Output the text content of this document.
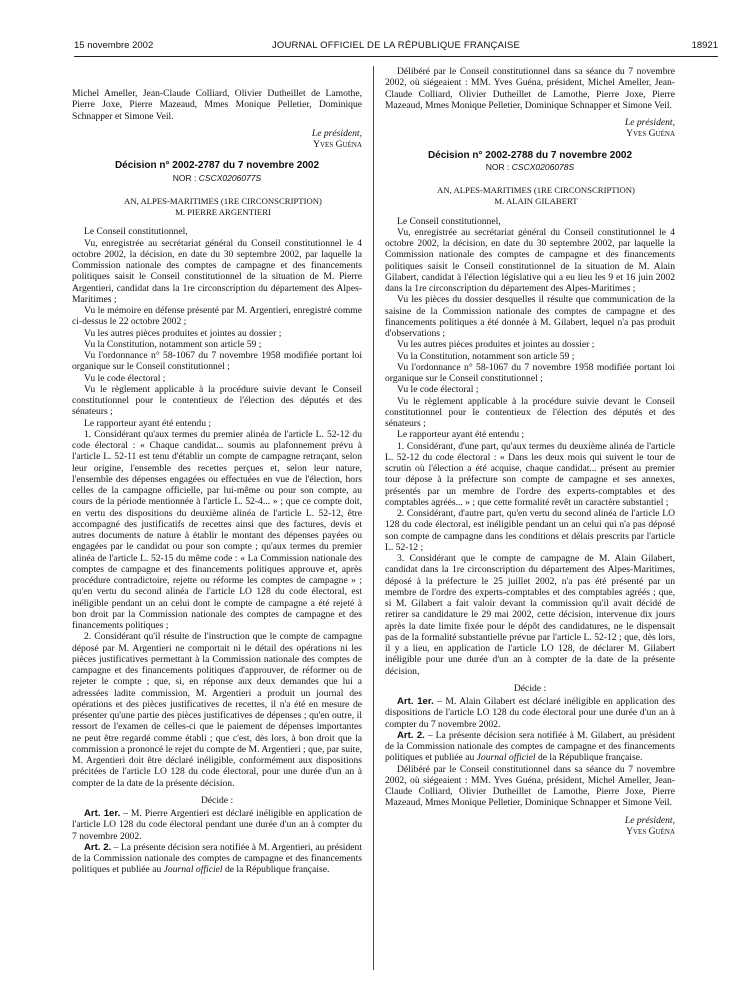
15 novembre 2002	JOURNAL OFFICIEL DE LA RÉPUBLIQUE FRANÇAISE	18921

Michel Ameller, Jean-Claude Colliard, Olivier Dutheillet de Lamothe, Pierre Joxe, Pierre Mazeaud, Mmes Monique Pelletier, Dominique Schnapper et Simone Veil.

Le président,
Yves Guéna
Décision n° 2002-2787 du 7 novembre 2002
NOR : CSCX0206077S

AN, ALPES-MARITIMES (1RE CIRCONSCRIPTION)

M. PIERRE ARGENTIERI

Le Conseil constitutionnel,

Vu, enregistrée au secrétariat général du Conseil constitutionnel le 4 octobre 2002, la décision, en date du 30 septembre 2002, par laquelle la Commission nationale des comptes de campagne et des financements politiques saisit le Conseil constitutionnel de la situation de M. Pierre Argentieri, candidat dans la 1re circonscription du département des Alpes-Maritimes ;

Vu le mémoire en défense présenté par M. Argentieri, enregistré comme ci-dessus le 22 octobre 2002 ;

Vu les autres pièces produites et jointes au dossier ;

Vu la Constitution, notamment son article 59 ;

Vu l'ordonnance n° 58-1067 du 7 novembre 1958 modifiée portant loi organique sur le Conseil constitutionnel ;

Vu le code électoral ;

Vu le règlement applicable à la procédure suivie devant le Conseil constitutionnel pour le contentieux de l'élection des députés et des sénateurs ;

Le rapporteur ayant été entendu ;

1. Considérant qu'aux termes du premier alinéa de l'article L. 52-12 du code électoral : « Chaque candidat... soumis au plafonnement prévu à l'article L. 52-11 est tenu d'établir un compte de campagne retraçant, selon leur origine, l'ensemble des recettes perçues et, selon leur nature, l'ensemble des dépenses engagées ou effectuées en vue de l'élection, hors celles de la campagne officielle, par lui-même ou pour son compte, au cours de la période mentionnée à l'article L. 52-4... » ; que ce compte doit, en vertu des dispositions du deuxième alinéa de l'article L. 52-12, être accompagné des justificatifs de recettes ainsi que des factures, devis et autres documents de nature à établir le montant des dépenses payées ou engagées par le candidat ou pour son compte ; qu'aux termes du premier alinéa de l'article L. 52-15 du même code : « La Commission nationale des comptes de campagne et des financements politiques approuve et, après procédure contradictoire, rejette ou réforme les comptes de campagne » ; qu'en vertu du second alinéa de l'article LO 128 du code électoral, est inéligible pendant un an celui dont le compte de campagne a été rejeté à bon droit par la Commission nationale des comptes de campagne et des financements politiques ;

2. Considérant qu'il résulte de l'instruction que le compte de campagne déposé par M. Argentieri ne comportait ni le détail des opérations ni les pièces justificatives permettant à la Commission nationale des comptes de campagne et des financements politiques d'approuver, de réformer ou de rejeter le compte ; que, si, en réponse aux deux demandes que lui a adressées ladite commission, M. Argentieri a produit un journal des opérations et des pièces justificatives de recettes, il n'a été en mesure de présenter qu'une partie des pièces justificatives de dépenses ; qu'en outre, il ressort de l'examen de celles-ci que le paiement de dépenses importantes ne peut être regardé comme établi ; que c'est, dès lors, à bon droit que la commission a prononcé le rejet du compte de M. Argentieri ; que, par suite, M. Argentieri doit être déclaré inéligible, conformément aux dispositions précitées de l'article LO 128 du code électoral, pour une durée d'un an à compter de la date de la présente décision.

Décide :

Art. 1er. – M. Pierre Argentieri est déclaré inéligible en application de l'article LO 128 du code électoral pendant une durée d'un an à compter du 7 novembre 2002.

Art. 2. – La présente décision sera notifiée à M. Argentieri, au président de la Commission nationale des comptes de campagne et des financements politiques et publiée au Journal officiel de la République française.

Délibéré par le Conseil constitutionnel dans sa séance du 7 novembre 2002, où siégeaient : MM. Yves Guéna, président, Michel Ameller, Jean-Claude Colliard, Olivier Dutheillet de Lamothe, Pierre Joxe, Pierre Mazeaud, Mmes Monique Pelletier, Dominique Schnapper et Simone Veil.

Le président,
Yves Guéna
Décision n° 2002-2788 du 7 novembre 2002
NOR : CSCX0206078S

AN, ALPES-MARITIMES (1RE CIRCONSCRIPTION)

M. ALAIN GILABERT

Le Conseil constitutionnel,

Vu, enregistrée au secrétariat général du Conseil constitutionnel le 4 octobre 2002, la décision, en date du 30 septembre 2002, par laquelle la Commission nationale des comptes de campagne et des financements politiques saisit le Conseil constitutionnel de la situation de M. Alain Gilabert, candidat à l'élection législative qui a eu lieu les 9 et 16 juin 2002 dans la 1re circonscription du département des Alpes-Maritimes ;

Vu les pièces du dossier desquelles il résulte que communication de la saisine de la Commission nationale des comptes de campagne et des financements politiques a été donnée à M. Gilabert, lequel n'a pas produit d'observations ;

Vu les autres pièces produites et jointes au dossier ;

Vu la Constitution, notamment son article 59 ;

Vu l'ordonnance n° 58-1067 du 7 novembre 1958 modifiée portant loi organique sur le Conseil constitutionnel ;

Vu le code électoral ;

Vu le règlement applicable à la procédure suivie devant le Conseil constitutionnel pour le contentieux de l'élection des députés et des sénateurs ;

Le rapporteur ayant été entendu ;

1. Considérant, d'une part, qu'aux termes du deuxième alinéa de l'article L. 52-12 du code électoral : « Dans les deux mois qui suivent le tour de scrutin où l'élection a été acquise, chaque candidat... présent au premier tour dépose à la préfecture son compte de campagne et ses annexes, présentés par un membre de l'ordre des experts-comptables et des comptables agréés... » ; que cette formalité revêt un caractère substantiel ;

2. Considérant, d'autre part, qu'en vertu du second alinéa de l'article LO 128 du code électoral, est inéligible pendant un an celui qui n'a pas déposé son compte de campagne dans les conditions et délais prescrits par l'article L. 52-12 ;

3. Considérant que le compte de campagne de M. Alain Gilabert, candidat dans la 1re circonscription du département des Alpes-Maritimes, déposé à la préfecture le 25 juillet 2002, n'a pas été présenté par un membre de l'ordre des experts-comptables et des comptables agréés ; que, si M. Gilabert a fait valoir devant la commission qu'il avait décidé de retirer sa candidature le 29 mai 2002, cette décision, intervenue dix jours après la date limite fixée pour le dépôt des candidatures, ne le dispensait pas de la formalité substantielle prévue par l'article L. 52-12 ; que, dès lors, il y a lieu, en application de l'article LO 128, de déclarer M. Gilabert inéligible pour une durée d'un an à compter de la date de la présente décision,

Décide :

Art. 1er. – M. Alain Gilabert est déclaré inéligible en application des dispositions de l'article LO 128 du code électoral pour une durée d'un an à compter du 7 novembre 2002.

Art. 2. – La présente décision sera notifiée à M. Gilabert, au président de la Commission nationale des comptes de campagne et des financements politiques et publiée au Journal officiel de la République française.

Délibéré par le Conseil constitutionnel dans sa séance du 7 novembre 2002, où siégeaient : MM. Yves Guéna, président, Michel Ameller, Jean-Claude Colliard, Olivier Dutheillet de Lamothe, Pierre Joxe, Pierre Mazeaud, Mmes Monique Pelletier, Dominique Schnapper et Simone Veil.

Le président,
Yves Guéna
